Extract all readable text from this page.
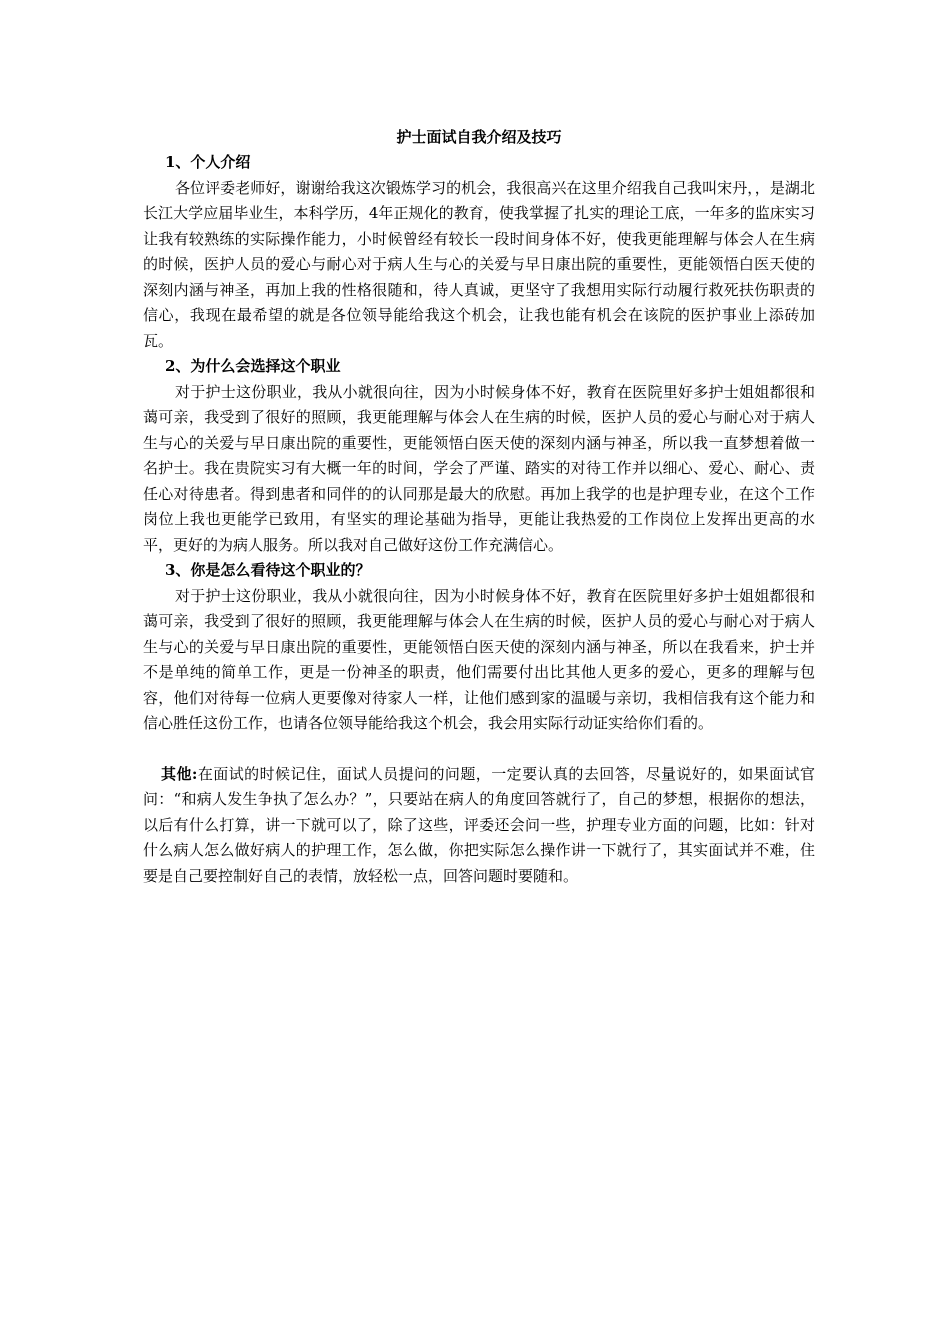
护士面试自我介绍及技巧

1、个人介绍

各位评委老师好，谢谢给我这次锻炼学习的机会，我很高兴在这里介绍我自己我叫宋丹，，是湖北长江大学应届毕业生，本科学历，4年正规化的教育，使我掌握了扎实的理论工底，一年多的监床实习让我有较熟练的实际操作能力，小时候曾经有较长一段时间身体不好，使我更能理解与体会人在生病的时候，医护人员的爱心与耐心对于病人生与心的关爱与早日康出院的重要性，更能领悟白医天使的深刻内涵与神圣，再加上我的性格很随和，待人真诚，更坚守了我想用实际行动履行救死扶伤职责的信心，我现在最希望的就是各位领导能给我这个机会，让我也能有机会在该院的医护事业上添砖加瓦。

2、为什么会选择这个职业

对于护士这份职业，我从小就很向往，因为小时候身体不好，教育在医院里好多护士姐姐都很和蔼可亲，我受到了很好的照顾，我更能理解与体会人在生病的时候，医护人员的爱心与耐心对于病人生与心的关爱与早日康出院的重要性，更能领悟白医天使的深刻内涵与神圣，所以我一直梦想着做一名护士。我在贵院实习有大概一年的时间，学会了严谨、踏实的对待工作并以细心、爱心、耐心、责任心对待患者。得到患者和同伴的的认同那是最大的欣慰。再加上我学的也是护理专业，在这个工作岗位上我也更能学已致用，有坚实的理论基础为指导，更能让我热爱的工作岗位上发挥出更高的水平，更好的为病人服务。所以我对自己做好这份工作充满信心。

3、你是怎么看待这个职业的？

对于护士这份职业，我从小就很向往，因为小时候身体不好，教育在医院里好多护士姐姐都很和蔼可亲，我受到了很好的照顾，我更能理解与体会人在生病的时候，医护人员的爱心与耐心对于病人生与心的关爱与早日康出院的重要性，更能领悟白医天使的深刻内涵与神圣，所以在我看来，护士并不是单纯的简单工作，更是一份神圣的职责，他们需要付出比其他人更多的爱心，更多的理解与包容，他们对待每一位病人更要像对待家人一样，让他们感到家的温暖与亲切，我相信我有这个能力和信心胜任这份工作，也请各位领导能给我这个机会，我会用实际行动证实给你们看的。

其他:在面试的时候记住，面试人员提问的问题，一定要认真的去回答，尽量说好的，如果面试官问：“和病人发生争执了怎么办？”，只要站在病人的角度回答就行了，自己的梦想，根据你的想法，以后有什么打算，讲一下就可以了，除了这些，评委还会问一些，护理专业方面的问题，比如：针对什么病人怎么做好病人的护理工作，怎么做，你把实际怎么操作讲一下就行了，其实面试并不难，住要是自己要控制好自己的表情，放轻松一点，回答问题时要随和。
